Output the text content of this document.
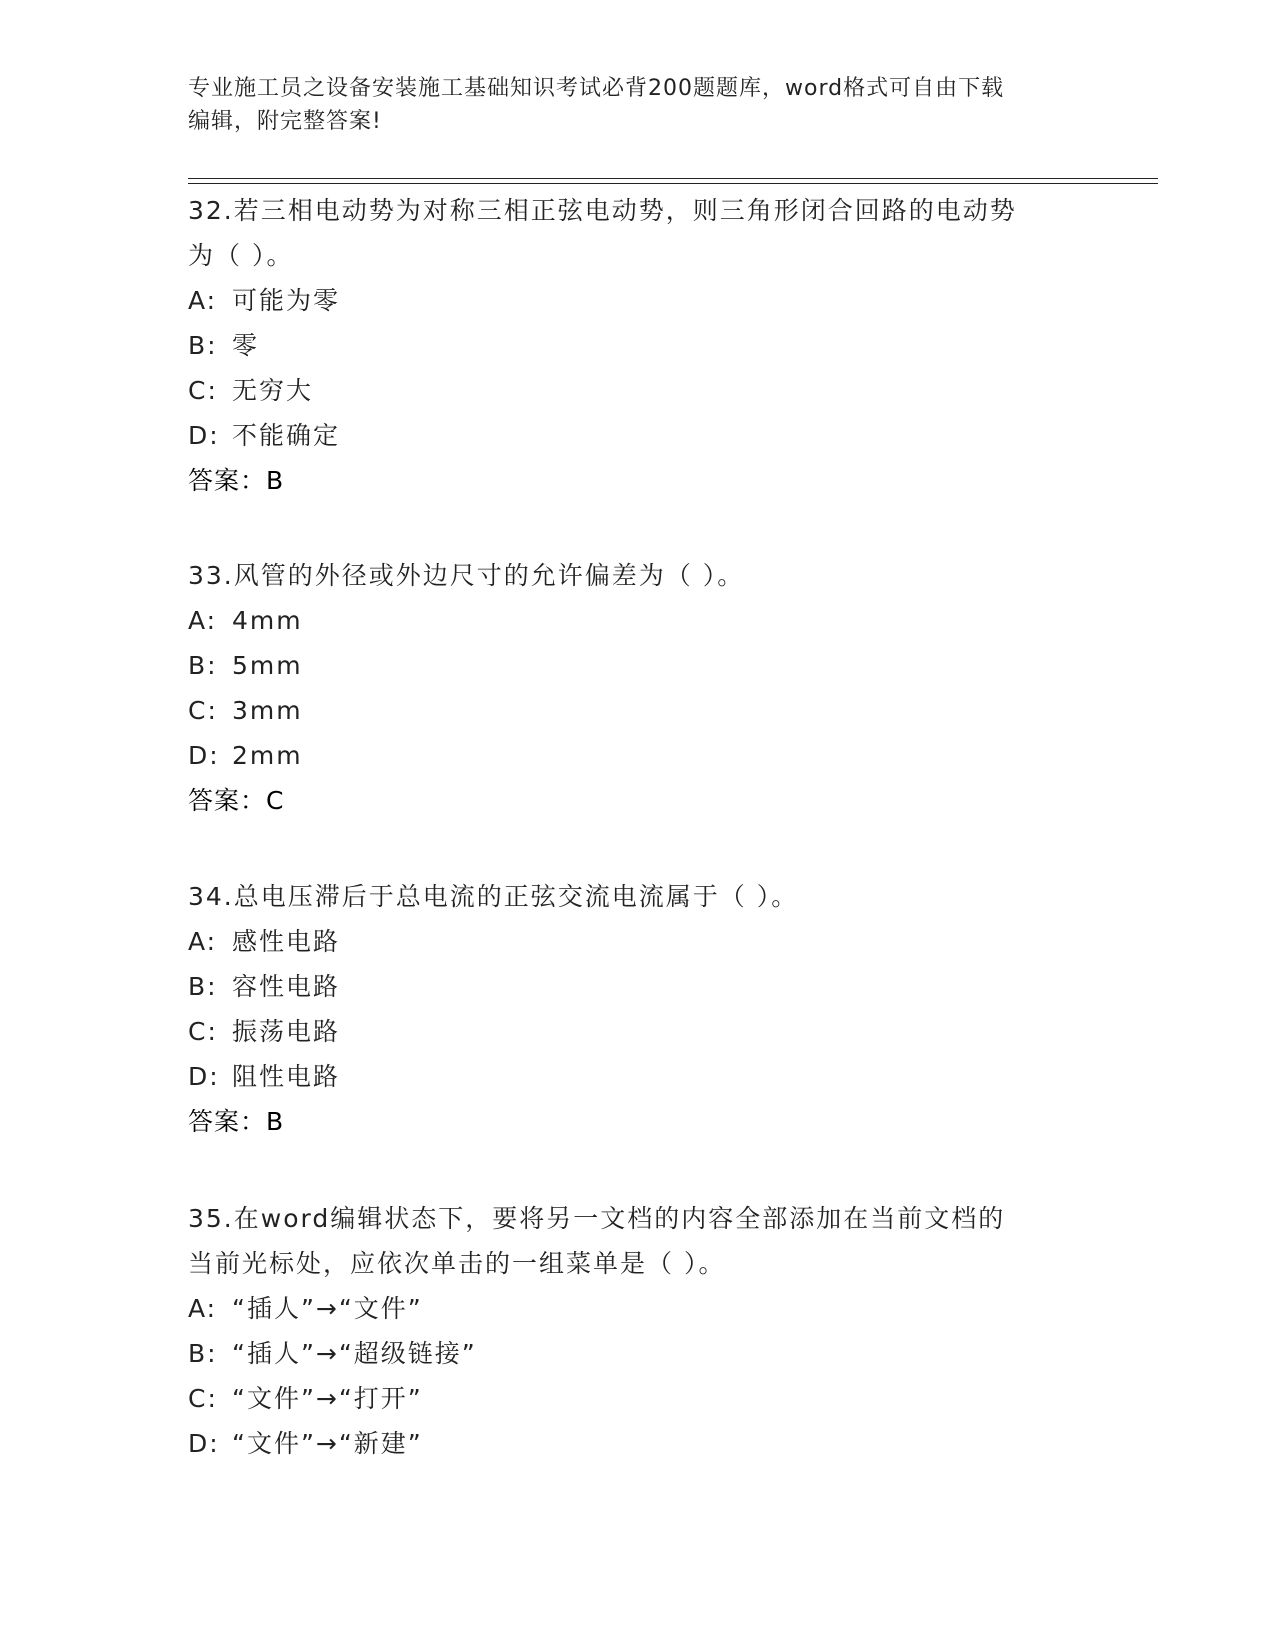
专业施工员之设备安装施工基础知识考试必背200题题库，word格式可自由下载
编辑，附完整答案!
32.若三相电动势为对称三相正弦电动势，则三角形闭合回路的电动势
为（ ）。
A: 可能为零
B: 零
C: 无穷大
D: 不能确定
答案：B
33.风管的外径或外边尺寸的允许偏差为（ ）。
A: 4mm
B: 5mm
C: 3mm
D: 2mm
答案：C
34.总电压滞后于总电流的正弦交流电流属于（ ）。
A: 感性电路
B: 容性电路
C: 振荡电路
D: 阻性电路
答案：B
35.在word编辑状态下，要将另一文档的内容全部添加在当前文档的
当前光标处，应依次单击的一组菜单是（ ）。
A: “插人”→“文件”
B: “插人”→“超级链接”
C: “文件”→“打开”
D: “文件”→“新建”
